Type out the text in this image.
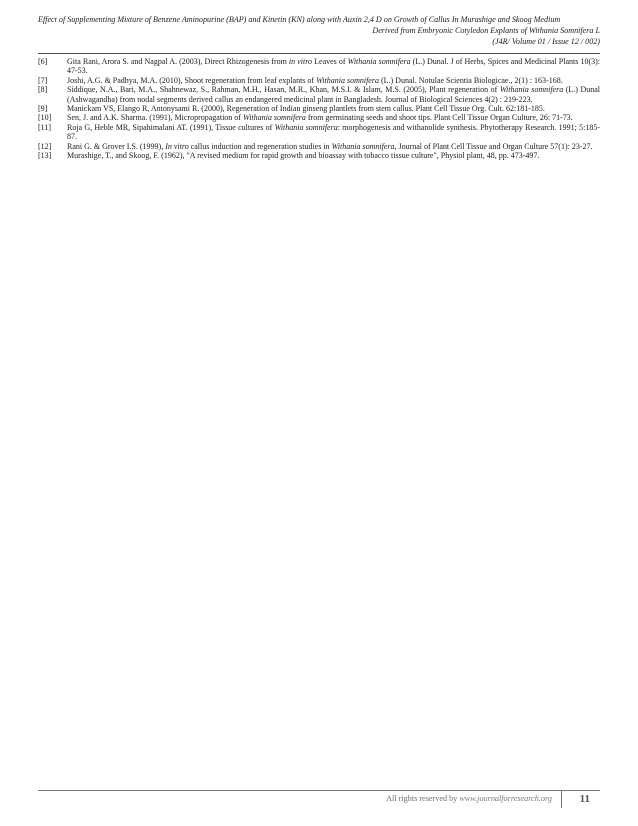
Effect of Supplementing Mixture of Benzene Aminopurine (BAP) and Kinetin (KN) along with Auxin 2,4 D on Growth of Callus In Murashige and Skoog Medium
Derived from Embryonic Cotyledon Explants of Withania Somnifera L
(J4R/ Volume 01 / Issue 12 / 002)
[6]	Gita Rani, Arora S. and Nagpal A. (2003), Direct Rhizogenesis from in vitro Leaves of Withania somnifera (L.) Dunal. J of Herbs, Spices and Medicinal Plants 10(3): 47-53.
[7]	Joshi, A.G. & Padhya, M.A. (2010), Shoot regeneration from leaf explants of Withania somnifera (L.) Dunal. Notulae Scientia Biologicae., 2(1) : 163-168.
[8]	Siddique, N.A., Bari, M.A., Shahnewaz, S., Rahman, M.H., Hasan, M.R., Khan, M.S.I. & Islam, M.S. (2005), Plant regeneration of Withania somnifera (L.) Dunal (Ashwagandha) from nodal segments derived callus an endangered medicinal plant in Bangladesh. Journal of Biological Sciences 4(2) : 219-223.
[9]	Manickam VS, Elango R, Antonysami R. (2000), Regeneration of Indian ginseng plantlets from stem callus. Plant Cell Tissue Org. Cult. 62:181-185.
[10]	Sen, J. and A.K. Sharma. (1991), Micropropagation of Withania somnifera from germinating seeds and shoot tips. Plant Cell Tissue Organ Culture, 26: 71-73.
[11]	Roja G, Heble MR, Sipahimalani AT. (1991), Tissue cultures of Withania somnifera: morphogenesis and withanolide synthesis. Phytotherapy Research. 1991; 5:185-87.
[12]	Rani G. & Grover I.S. (1999), In vitro callus induction and regeneration studies in Withania somnifera, Journal of Plant Cell Tissue and Organ Culture 57(1): 23-27.
[13]	Murashige, T., and Skoog, F. (1962), "A revised medium for rapid growth and bioassay with tobacco tissue culture", Physiol plant, 48, pp. 473-497.
All rights reserved by www.journalforresearch.org	11
